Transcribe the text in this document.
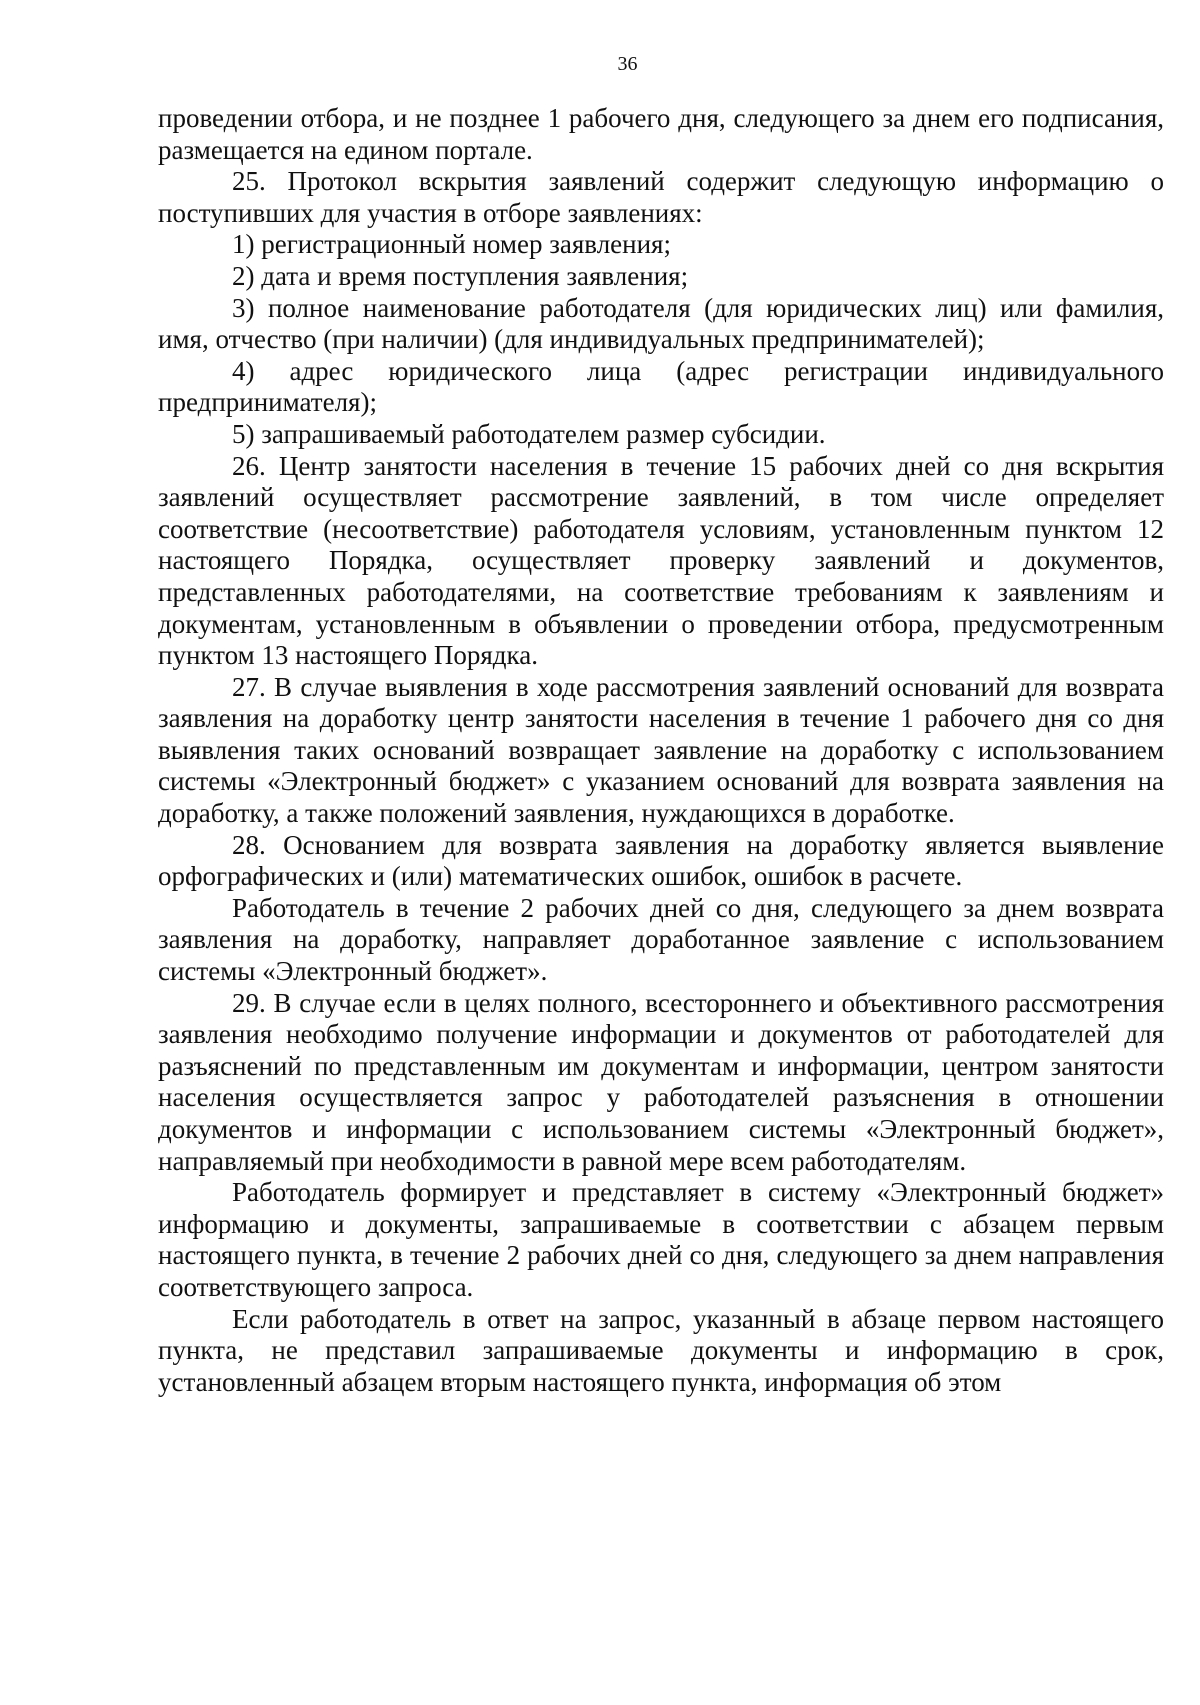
36

проведении отбора, и не позднее 1 рабочего дня, следующего за днем его подписания, размещается на едином портале.

25. Протокол вскрытия заявлений содержит следующую информацию о поступивших для участия в отборе заявлениях:

1) регистрационный номер заявления;

2) дата и время поступления заявления;

3) полное наименование работодателя (для юридических лиц) или фамилия, имя, отчество (при наличии) (для индивидуальных предпринимателей);

4) адрес юридического лица (адрес регистрации индивидуального предпринимателя);

5) запрашиваемый работодателем размер субсидии.

26. Центр занятости населения в течение 15 рабочих дней со дня вскрытия заявлений осуществляет рассмотрение заявлений, в том числе определяет соответствие (несоответствие) работодателя условиям, установленным пунктом 12 настоящего Порядка, осуществляет проверку заявлений и документов, представленных работодателями, на соответствие требованиям к заявлениям и документам, установленным в объявлении о проведении отбора, предусмотренным пунктом 13 настоящего Порядка.

27. В случае выявления в ходе рассмотрения заявлений оснований для возврата заявления на доработку центр занятости населения в течение 1 рабочего дня со дня выявления таких оснований возвращает заявление на доработку с использованием системы «Электронный бюджет» с указанием оснований для возврата заявления на доработку, а также положений заявления, нуждающихся в доработке.

28. Основанием для возврата заявления на доработку является выявление орфографических и (или) математических ошибок, ошибок в расчете.

Работодатель в течение 2 рабочих дней со дня, следующего за днем возврата заявления на доработку, направляет доработанное заявление с использованием системы «Электронный бюджет».

29. В случае если в целях полного, всестороннего и объективного рассмотрения заявления необходимо получение информации и документов от работодателей для разъяснений по представленным им документам и информации, центром занятости населения осуществляется запрос у работодателей разъяснения в отношении документов и информации с использованием системы «Электронный бюджет», направляемый при необходимости в равной мере всем работодателям.

Работодатель формирует и представляет в систему «Электронный бюджет» информацию и документы, запрашиваемые в соответствии с абзацем первым настоящего пункта, в течение 2 рабочих дней со дня, следующего за днем направления соответствующего запроса.

Если работодатель в ответ на запрос, указанный в абзаце первом настоящего пункта, не представил запрашиваемые документы и информацию в срок, установленный абзацем вторым настоящего пункта, информация об этом
